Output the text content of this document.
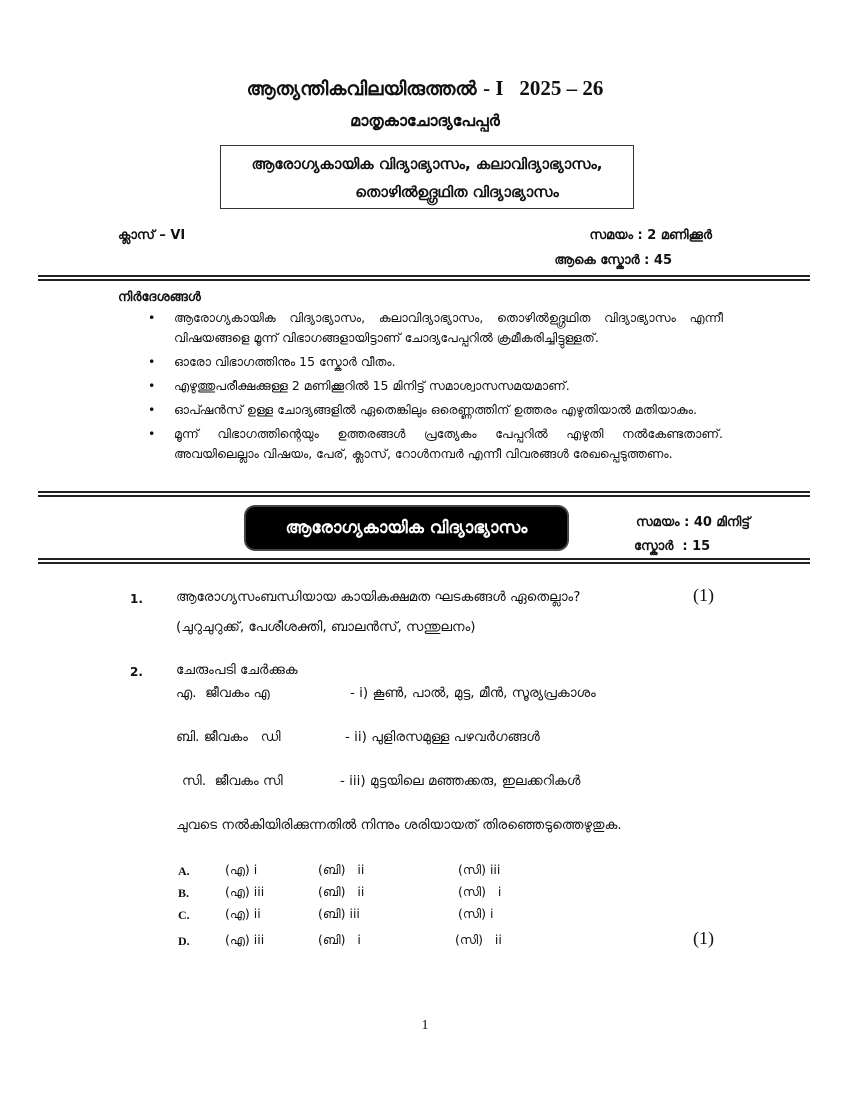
ആത്യന്തികവിലയിരുത്തൽ - I   2025 – 26
മാതൃകാചോദ്യപേപ്പർ
ആരോഗ്യകായിക വിദ്യാഭ്യാസം, കലാവിദ്യാഭ്യാസം,
തൊഴിൽഉദ്ഗ്രഥിത വിദ്യാഭ്യാസം
ക്ലാസ് – VI	സമയം : 2 മണിക്കൂർ
ആകെ സ്കോർ : 45
നിർദേശങ്ങൾ
• ആരോഗ്യകായിക വിദ്യാഭ്യാസം, കലാവിദ്യാഭ്യാസം, തൊഴിൽഉദ്ഗ്രഥിത വിദ്യാഭ്യാസം എന്നീ വിഷയങ്ങളെ മൂന്ന് വിഭാഗങ്ങളായിട്ടാണ് ചോദ്യപേപ്പറിൽ ക്രമീകരിച്ചിട്ടുള്ളത്.
• ഓരോ വിഭാഗത്തിനും 15 സ്കോർ വീതം.
• എഴുത്തുപരീക്ഷക്കുള്ള 2 മണിക്കൂറിൽ 15 മിനിട്ട് സമാശ്വാസസമയമാണ്.
• ഓപ്ഷൻസ് ഉള്ള ചോദ്യങ്ങളിൽ ഏതെങ്കിലും ഒരെണ്ണത്തിന് ഉത്തരം എഴുതിയാൽ മതിയാകും.
• മൂന്ന് വിഭാഗത്തിന്റെയും ഉത്തരങ്ങൾ പ്രത്യേകം പേപ്പറിൽ എഴുതി നൽകേണ്ടതാണ്. അവയിലെല്ലാം വിഷയം, പേര്, ക്ലാസ്, റോൾനമ്പർ എന്നീ വിവരങ്ങൾ രേഖപ്പെടുത്തണം.
ആരോഗ്യകായിക വിദ്യാഭ്യാസം	സമയം : 40 മിനിട്ട്
സ്കോർ  : 15
1. ആരോഗ്യസംബന്ധിയായ കായികക്ഷമത ഘടകങ്ങൾ ഏതെല്ലാം?
(ചുറുചുറുക്ക്, പേശീശക്തി, ബാലൻസ്, സന്തുലനം)
(1)
2. ചേരുംപടി ചേർക്കുക
എ.  ജീവകം എ	- i) കൂൺ, പാൽ, മുട്ട, മീൻ, സൂര്യപ്രകാശം
ബി. ജീവകം   ഡി	- ii) പുളിരസമുള്ള പഴവർഗങ്ങൾ
സി.  ജീവകം സി	- iii) മുട്ടയിലെ മഞ്ഞക്കരു, ഇലക്കറികൾ
ചുവടെ നൽകിയിരിക്കുന്നതിൽ നിന്നും ശരിയായത് തിരഞ്ഞെടുത്തെഴുതുക.
A.	(എ) i	(ബി)   ii	(സി) iii
B.	(എ) iii	(ബി)   ii	(സി)   i
C.	(എ) ii	(ബി) iii	(സി) i
D.	(എ) iii	(ബി)   i	(സി)   ii	(1)
1
